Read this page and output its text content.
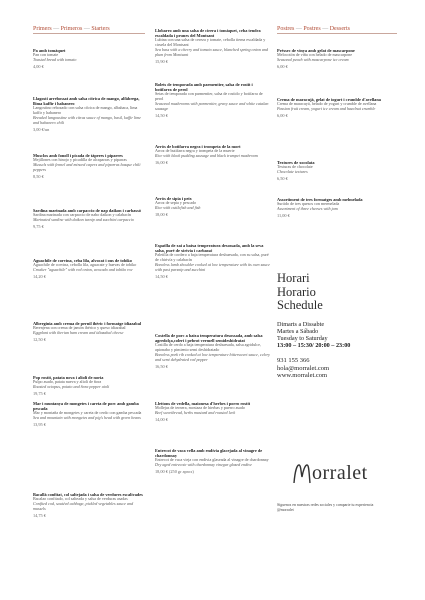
Primers — Primeros — Starters
Pa amb tomàquet
Pan con tomate
Toasted bread with tomato
4,00 €
Llagostí arrebossat amb salsa cítrica de mango, alfàbrega, llima kaffir i habanero
Langostino rebozado con salsa cítrica de mango, albahaca, lima kaffir y habanero
Breaded langoustine with citrus sauce of mango, basil, kaffir lime and habanero chili
3,00 €/un
Musclos amb fonoll i picada de tàperes i piparres
Mejillones con hinojo y picadilla de alcaparras y piparras
Mussels with fennel and minced capers and piparras basque chili peppers
8,50 €
Sardina marinada amb carpaccio de nap daikon i carbassó
Sardina marinada con carpaccio de nabo daikon y calabacín
Marinated sardine with daikon turnip and zucchini carpaccio
9,75 €
Aguachile de corvina, ceba lila, alvocat i ous de tobiko
Aguachile de corvina, cebolla lila, aguacate y huevas de tobiko
Croaker "aguachile" with red onion, avocado and tobiko roe
14,20 €
Albergínia amb crema de pernil ibèric i formatge idiazabal
Berenjena con crema de jamón ibérico y queso idiazabal
Eggplant with iberian ham cream and idiazabal cheese
12,50 €
Pop rostit, patata nova i alioli de noria
Pulpo asado, patata nueva y alioli de ñora
Roasted octopus, potato and ñora pepper aioli
19,75 €
Mar i muntanya de mongetes i careta de porc amb gamba pescada
Mar y montaña de mongetes y careta de cerdo con gamba pescada
Sea and mountain with mongetes and pig's head with green beans
13,95 €
Bacallà confitat, col saltejada i salsa de verdures escalivades
Bacalao confitado, col salteada y salsa de verduras asadas
Confited cod, sautéed cabbage, pickled vegetables sauce and mussels
14,75 €
Llobarro amb una salsa de cirera i tomàquet, ceba tendra escaldada i prunes del Montsant
Lubina con una salsa de cereza y tomate, cebolla tierna escaldada y ciruela del Montsant
Sea bass with a cherry and tomato sauce, blanched spring onion and plum from Montsant
15,90 €
Bolets de temporada amb parmentier, salsa de rostit i botifarra de perol
Setas de temporada con parmentier, salsa de rostido y botifarra de perol
Seasonal mushrooms with parmentier, gravy sauce and white catalan sausage
14,50 €
Arròs de botifarra negra i trompeta de la mort
Arroz de butifarra negra y trompeta de la muerte
Rice with black pudding sausage and black trumpet mushroom
16,00 €
Arròs de sipia i peix
Arroz de sepia y pescado
Rice with cuttlefish and fish
18,00 €
Espatlla de xai a baixa temperatura desossada, amb la seva salsa, puré de xirivia i carbassó
Paletilla de cordero a baja temperatura deshuesada, con su salsa, puré de chirivía y calabacín
Boneless lamb shoulder cooked at low temperature with its own sauce with past parsnip and zucchini
14,50 €
Costella de porc a baixa temperatura desossada, amb salsa agredolça,coleri i pebrot vermell semideshidratat
Costilla de cerdo a baja temperatura deshuesada, salsa agridulce, apionabo y pimiento semi deshidratado
Boneless pork rib cooked at low temperature bittersweet sauce, celery and semi dehydrated red pepper
16,50 €
Llettons de vedella, maionesa d'herbes i porro rostit
Mollejas de ternera, mostaza de hierbas y puerro asado
Beef sweetbread, herbs mustard and roasted leek
14,00 €
Entrecot de vaca vella amb endívia glacejada al vinagre de chardonnay
Entrecot de vaca vieja con endivia glaseada al vinagre de chardonnay
Dry aged entrecote with chardonnay vinegar glazed endive
18,00 € (250 gr aprox)
Postres — Postres — Desserts
Préssec de vinya amb gelat de mascarpone
Melocotón de viña con helado de mascarpone
Seasonal peach with mascarpone ice cream
6,00 €
Crema de maracujà, gelat de iogurt i crumble d'avellana
Crema de maracuyá, helado de yogurt y crumble de avellana
Passion fruit cream, yogurt ice cream and hazelnut crumble
6,00 €
Textures de xocolata
Texturas de chocolate
Chocolate textures
6,50 €
Assortiment de tres formatges amb melmelada
Surtido de tres quesos con mermelada
Assortment of three cheeses with jam
11,00 €
Horari
Horario
Schedule
Dimarts a Dissabte
Martes a Sábado
Tuesday to Saturday
13:00 – 15:30/ 20:00 – 23:00
931 155 366
hola@morralet.com
www.morralet.com
orralet
Síguenos en nuestras redes sociales y comparte tu experiencia
@morralet
